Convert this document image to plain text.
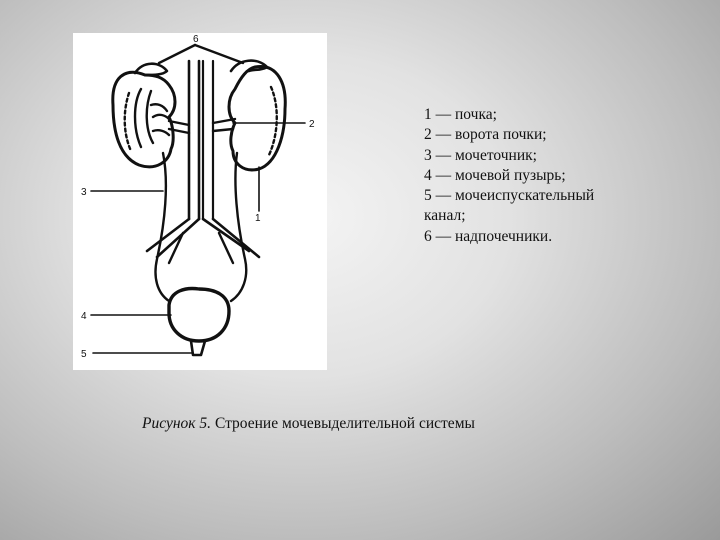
6
2
1
3
4
5
1 — почка;
2 — ворота почки;
3 — мочеточник;
4 — мочевой пузырь;
5 — мочеиспускательный
канал;
6 — надпочечники.
Рисунок 5. Строение мочевыделительной системы
